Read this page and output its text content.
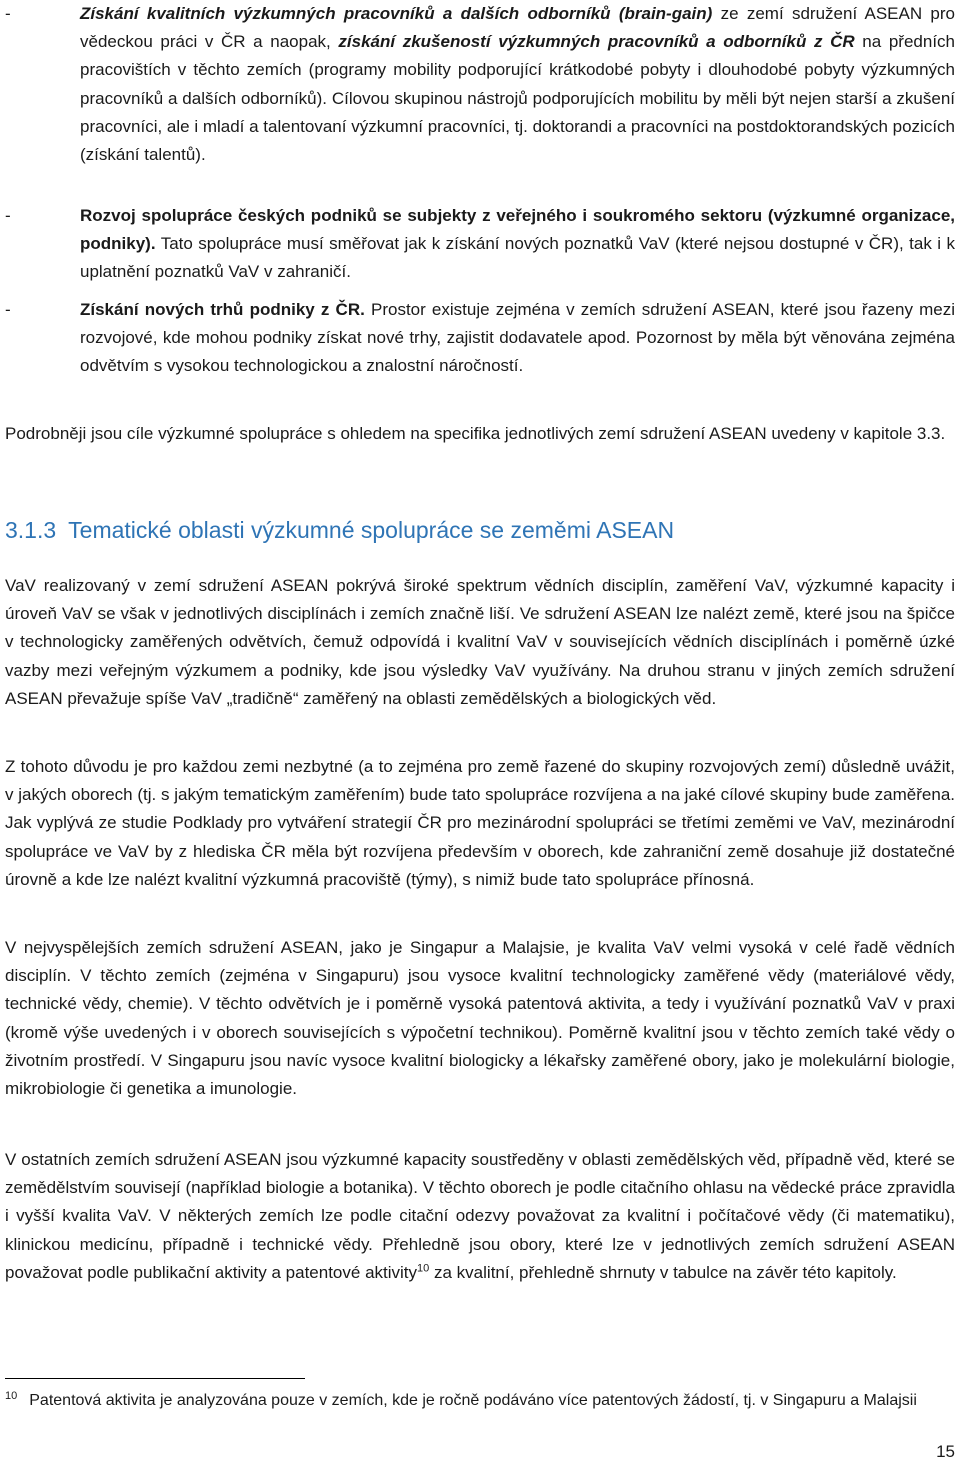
-	Získání kvalitních výzkumných pracovníků a dalších odborníků (brain-gain) ze zemí sdružení ASEAN pro vědeckou práci v ČR a naopak, získání zkušeností výzkumných pracovníků a odborníků z ČR na předních pracovištích v těchto zemích (programy mobility podporující krátkodobé pobyty i dlouhodobé pobyty výzkumných pracovníků a dalších odborníků). Cílovou skupinou nástrojů podporujících mobilitu by měli být nejen starší a zkušení pracovníci, ale i mladí a talentovaní výzkumní pracovníci, tj. doktorandi a pracovníci na postdoktorandských pozicích (získání talentů).
-	Rozvoj spolupráce českých podniků se subjekty z veřejného i soukromého sektoru (výzkumné organizace, podniky). Tato spolupráce musí směřovat jak k získání nových poznatků VaV (které nejsou dostupné v ČR), tak i k uplatnění poznatků VaV v zahraničí.
-	Získání nových trhů podniky z ČR. Prostor existuje zejména v zemích sdružení ASEAN, které jsou řazeny mezi rozvojové, kde mohou podniky získat nové trhy, zajistit dodavatele apod. Pozornost by měla být věnována zejména odvětvím s vysokou technologickou a znalostní náročností.

Podrobněji jsou cíle výzkumné spolupráce s ohledem na specifika jednotlivých zemí sdružení ASEAN uvedeny v kapitole 3.3.

3.1.3 Tematické oblasti výzkumné spolupráce se zeměmi ASEAN

VaV realizovaný v zemí sdružení ASEAN pokrývá široké spektrum vědních disciplín, zaměření VaV, výzkumné kapacity i úroveň VaV se však v jednotlivých disciplínách i zemích značně liší. Ve sdružení ASEAN lze nalézt země, které jsou na špičce v technologicky zaměřených odvětvích, čemuž odpovídá i kvalitní VaV v souvisejících vědních disciplínách i poměrně úzké vazby mezi veřejným výzkumem a podniky, kde jsou výsledky VaV využívány. Na druhou stranu v jiných zemích sdružení ASEAN převažuje spíše VaV „tradičně“ zaměřený na oblasti zemědělských a biologických věd.

Z tohoto důvodu je pro každou zemi nezbytné (a to zejména pro země řazené do skupiny rozvojových zemí) důsledně uvážit, v jakých oborech (tj. s jakým tematickým zaměřením) bude tato spolupráce rozvíjena a na jaké cílové skupiny bude zaměřena. Jak vyplývá ze studie Podklady pro vytváření strategií ČR pro mezinárodní spolupráci se třetími zeměmi ve VaV, mezinárodní spolupráce ve VaV by z hlediska ČR měla být rozvíjena především v oborech, kde zahraniční země dosahuje již dostatečné úrovně a kde lze nalézt kvalitní výzkumná pracoviště (týmy), s nimiž bude tato spolupráce přínosná.

V nejvyspělejších zemích sdružení ASEAN, jako je Singapur a Malajsie, je kvalita VaV velmi vysoká v celé řadě vědních disciplín. V těchto zemích (zejména v Singapuru) jsou vysoce kvalitní technologicky zaměřené vědy (materiálové vědy, technické vědy, chemie). V těchto odvětvích je i poměrně vysoká patentová aktivita, a tedy i využívání poznatků VaV v praxi (kromě výše uvedených i v oborech souvisejících s výpočetní technikou). Poměrně kvalitní jsou v těchto zemích také vědy o životním prostředí. V Singapuru jsou navíc vysoce kvalitní biologicky a lékařsky zaměřené obory, jako je molekulární biologie, mikrobiologie či genetika a imunologie.

V ostatních zemích sdružení ASEAN jsou výzkumné kapacity soustředěny v oblasti zemědělských věd, případně věd, které se zemědělstvím souvisejí (například biologie a botanika). V těchto oborech je podle citačního ohlasu na vědecké práce zpravidla i vyšší kvalita VaV. V některých zemích lze podle citační odezvy považovat za kvalitní i počítačové vědy (či matematiku), klinickou medicínu, případně i technické vědy. Přehledně jsou obory, které lze v jednotlivých zemích sdružení ASEAN považovat podle publikační aktivity a patentové aktivity$^{10}$ za kvalitní, přehledně shrnuty v tabulce na závěr této kapitoly.

$^{10}$ Patentová aktivita je analyzována pouze v zemích, kde je ročně podáváno více patentových žádostí, tj. v Singapuru a Malajsii
15
